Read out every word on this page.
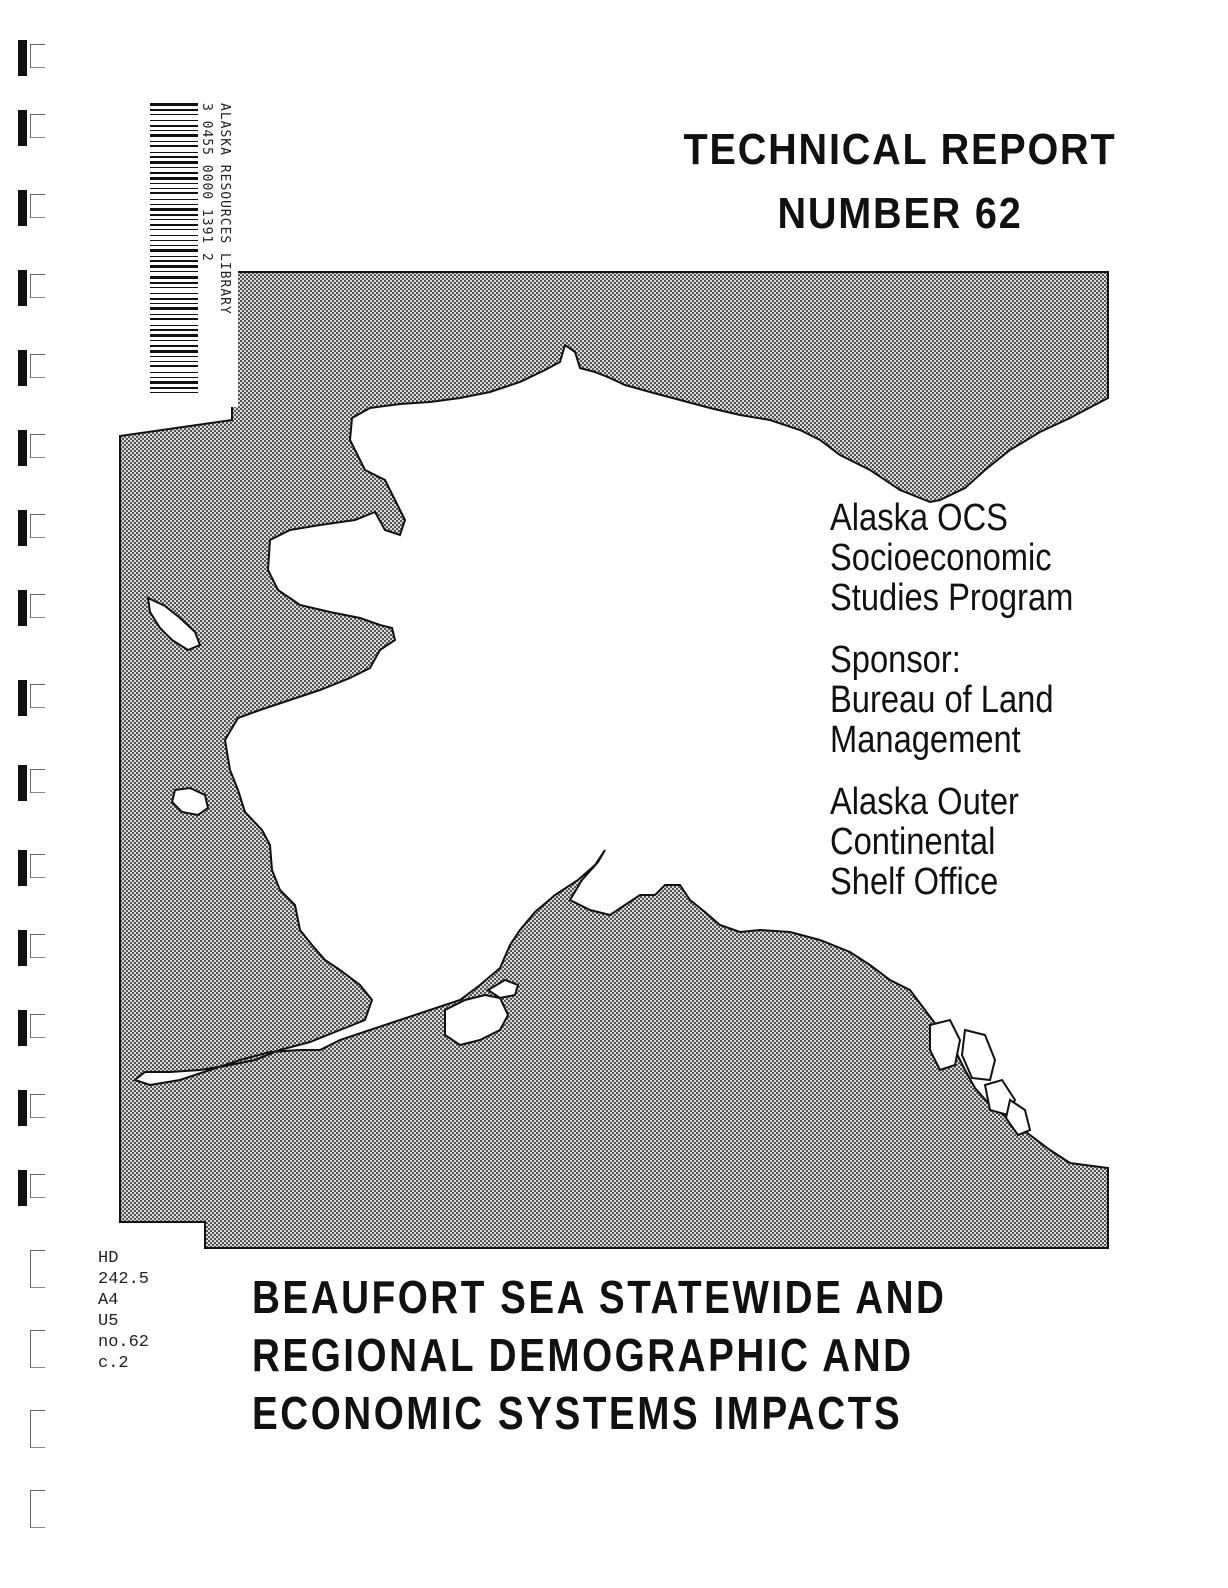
3 0455 0000 1391 2 ALASKA RESOURCES LIBRARY	TECHNICAL REPORT
NUMBER 62
Alaska OCS
Socioeconomic
Studies Program
Sponsor:
Bureau of Land
Management
Alaska Outer
Continental
Shelf Office
HD
242.5
A4
U5
no.62
c.2
BEAUFORT SEA STATEWIDE AND
REGIONAL DEMOGRAPHIC AND
ECONOMIC SYSTEMS IMPACTS
